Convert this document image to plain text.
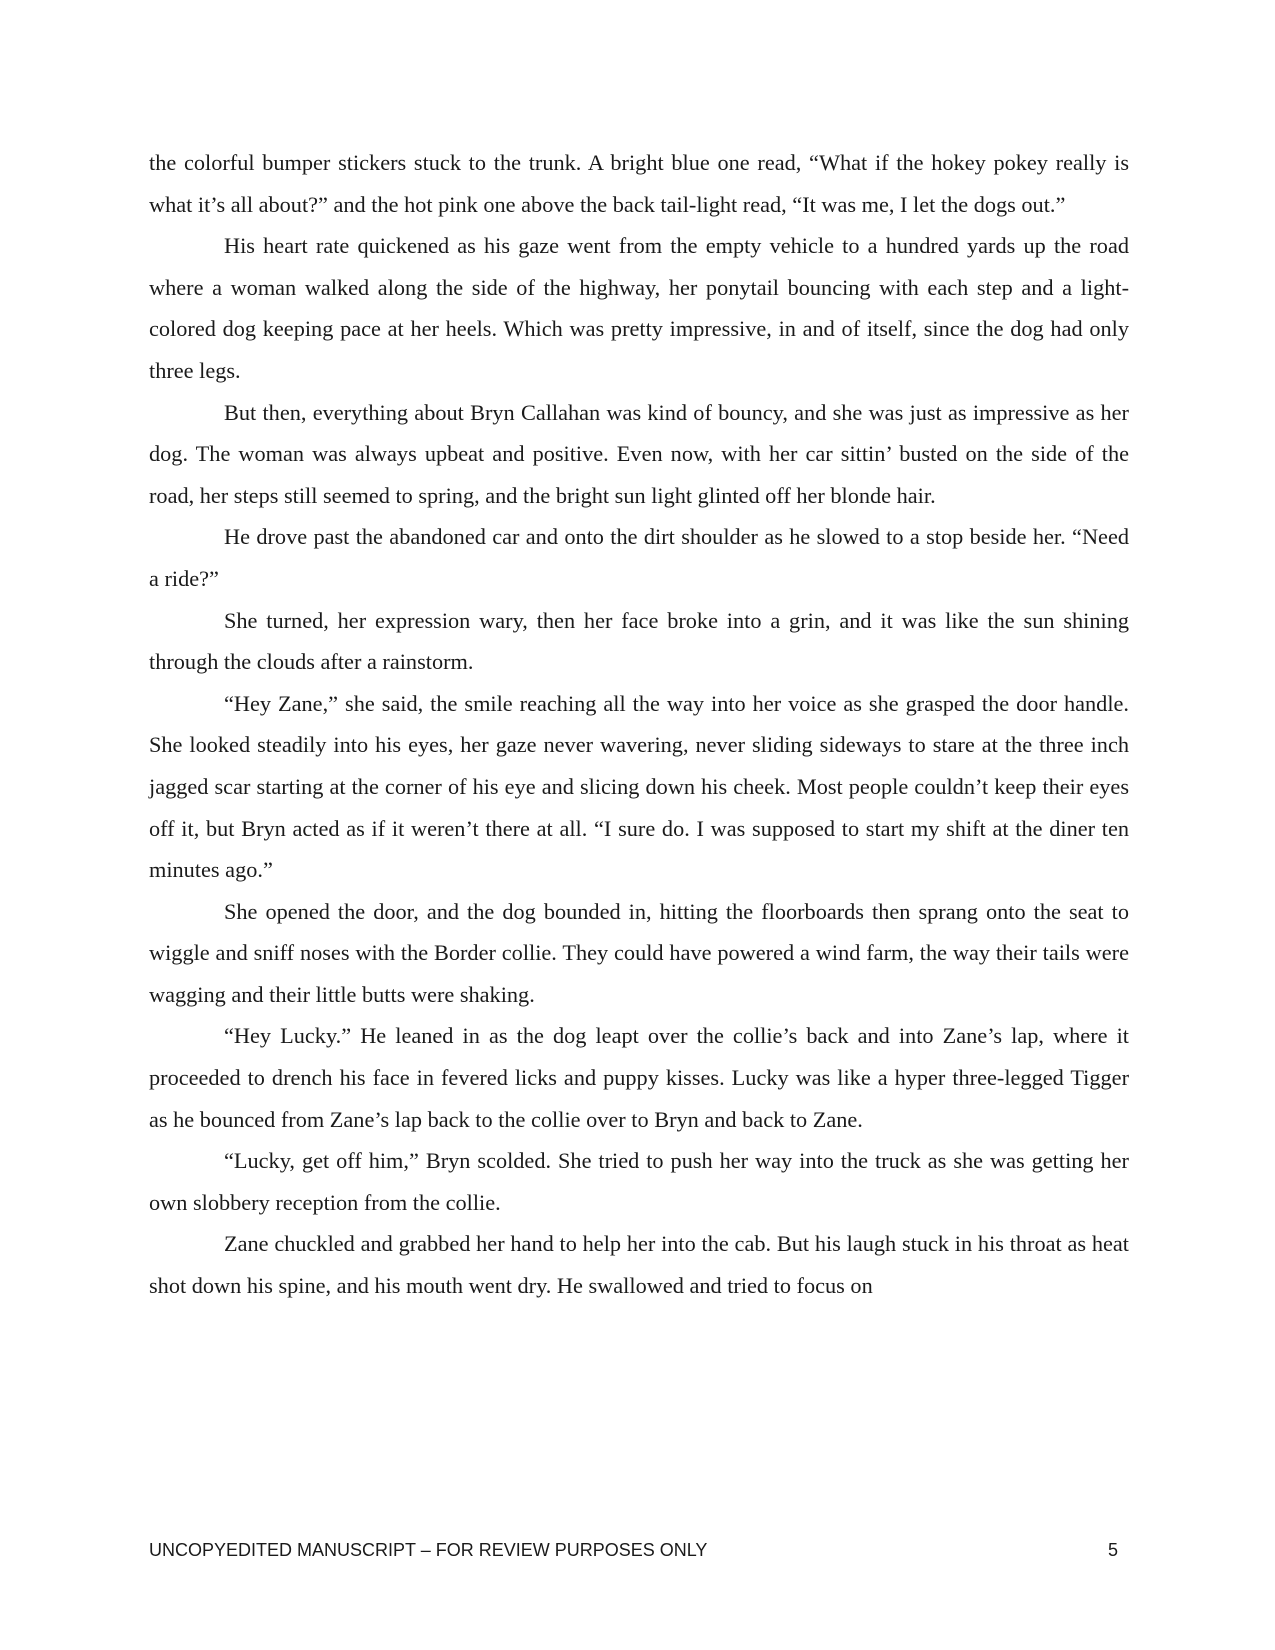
the colorful bumper stickers stuck to the trunk. A bright blue one read, “What if the hokey pokey really is what it’s all about?” and the hot pink one above the back tail-light read, “It was me, I let the dogs out.”

His heart rate quickened as his gaze went from the empty vehicle to a hundred yards up the road where a woman walked along the side of the highway, her ponytail bouncing with each step and a light-colored dog keeping pace at her heels. Which was pretty impressive, in and of itself, since the dog had only three legs.

But then, everything about Bryn Callahan was kind of bouncy, and she was just as impressive as her dog. The woman was always upbeat and positive. Even now, with her car sittin’ busted on the side of the road, her steps still seemed to spring, and the bright sun light glinted off her blonde hair.

He drove past the abandoned car and onto the dirt shoulder as he slowed to a stop beside her. “Need a ride?”

She turned, her expression wary, then her face broke into a grin, and it was like the sun shining through the clouds after a rainstorm.

“Hey Zane,” she said, the smile reaching all the way into her voice as she grasped the door handle. She looked steadily into his eyes, her gaze never wavering, never sliding sideways to stare at the three inch jagged scar starting at the corner of his eye and slicing down his cheek. Most people couldn’t keep their eyes off it, but Bryn acted as if it weren’t there at all. “I sure do. I was supposed to start my shift at the diner ten minutes ago.”

She opened the door, and the dog bounded in, hitting the floorboards then sprang onto the seat to wiggle and sniff noses with the Border collie. They could have powered a wind farm, the way their tails were wagging and their little butts were shaking.

“Hey Lucky.” He leaned in as the dog leapt over the collie’s back and into Zane’s lap, where it proceeded to drench his face in fevered licks and puppy kisses. Lucky was like a hyper three-legged Tigger as he bounced from Zane’s lap back to the collie over to Bryn and back to Zane.

“Lucky, get off him,” Bryn scolded. She tried to push her way into the truck as she was getting her own slobbery reception from the collie.

Zane chuckled and grabbed her hand to help her into the cab. But his laugh stuck in his throat as heat shot down his spine, and his mouth went dry. He swallowed and tried to focus on

UNCOPYEDITED MANUSCRIPT – FOR REVIEW PURPOSES ONLY	5
